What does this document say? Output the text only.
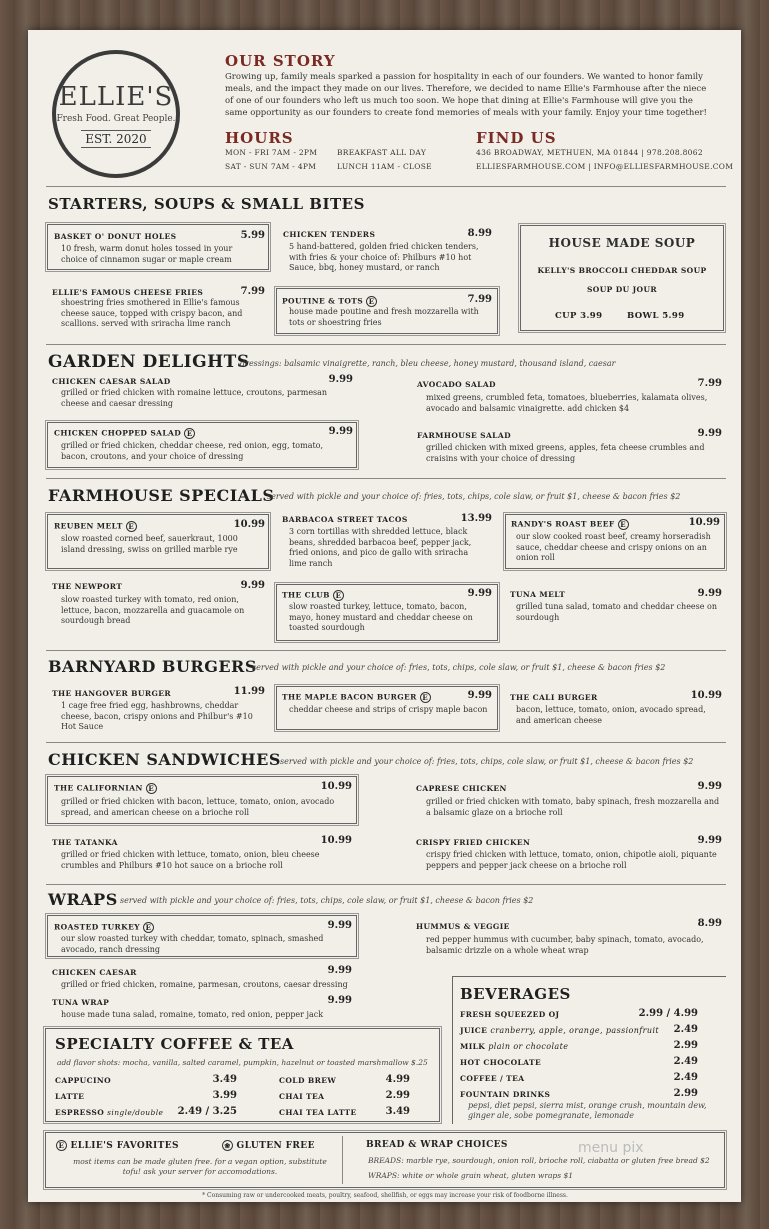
ELLIE'S
Fresh Food. Great People.
EST. 2020
OUR STORY

Growing up, family meals sparked a passion for hospitality in each of our founders. We wanted to honor family meals, and the impact they made on our lives. Therefore, we decided to name Ellie's Farmhouse after the niece of one of our founders who left us much too soon. We hope that dining at Ellie's Farmhouse will give you the same opportunity as our founders to create fond memories of meals with your family. Enjoy your time together!

HOURS
MON - FRI 7AM - 2PM
SAT - SUN 7AM - 4PM
BREAKFAST ALL DAY
LUNCH 11AM - CLOSE
FIND US
436 BROADWAY, METHUEN, MA 01844 | 978.208.8062
ELLIESFARMHOUSE.COM | INFO@ELLIESFARMHOUSE.COM
STARTERS, SOUPS & SMALL BITES
BASKET O' DONUT HOLES	5.99
10 fresh, warm donut holes tossed in your choice of cinnamon sugar or maple cream
ELLIE'S FAMOUS CHEESE FRIES	7.99
shoestring fries smothered in Ellie's famous cheese sauce, topped with crispy bacon, and scallions. served with sriracha lime ranch
CHICKEN TENDERS	8.99
5 hand-battered, golden fried chicken tenders, with fries & your choice of: Philburs #10 hot Sauce, bbq, honey mustard, or ranch
POUTINE & TOTS E	7.99
house made poutine and fresh mozzarella with tots or shoestring fries
HOUSE MADE SOUP
KELLY'S BROCCOLI CHEDDAR SOUP
SOUP DU JOUR
CUP 3.99	BOWL 5.99
GARDEN DELIGHTS
dressings: balsamic vinaigrette, ranch, bleu cheese, honey mustard, thousand island, caesar
CHICKEN CAESAR SALAD	9.99
grilled or fried chicken with romaine lettuce, croutons, parmesan cheese and caesar dressing
CHICKEN CHOPPED SALAD E	9.99
grilled or fried chicken, cheddar cheese, red onion, egg, tomato, bacon, croutons, and your choice of dressing
AVOCADO SALAD	7.99
mixed greens, crumbled feta, tomatoes, blueberries, kalamata olives, avocado and balsamic vinaigrette. add chicken $4
FARMHOUSE SALAD	9.99
grilled chicken with mixed greens, apples, feta cheese crumbles and craisins with your choice of dressing
FARMHOUSE SPECIALS
served with pickle and your choice of: fries, tots, chips, cole slaw, or fruit $1, cheese & bacon fries $2
REUBEN MELT E	10.99
slow roasted corned beef, sauerkraut, 1000 island dressing, swiss on grilled marble rye
BARBACOA STREET TACOS	13.99
3 corn tortillas with shredded lettuce, black beans, shredded barbacoa beef, pepper jack, fried onions, and pico de gallo with sriracha lime ranch
RANDY'S ROAST BEEF E	10.99
our slow cooked roast beef, creamy horseradish sauce, cheddar cheese and crispy onions on an onion roll
THE NEWPORT	9.99
slow roasted turkey with tomato, red onion, lettuce, bacon, mozzarella and guacamole on sourdough bread
THE CLUB E	9.99
slow roasted turkey, lettuce, tomato, bacon, mayo, honey mustard and cheddar cheese on toasted sourdough
TUNA MELT	9.99
grilled tuna salad, tomato and cheddar cheese on sourdough
BARNYARD BURGERS
served with pickle and your choice of: fries, tots, chips, cole slaw, or fruit $1, cheese & bacon fries $2
THE HANGOVER BURGER	11.99
1 cage free fried egg, hashbrowns, cheddar cheese, bacon, crispy onions and Philbur's #10 Hot Sauce
THE MAPLE BACON BURGER E	9.99
cheddar cheese and strips of crispy maple bacon
THE CALI BURGER	10.99
bacon, lettuce, tomato, onion, avocado spread, and american cheese
CHICKEN SANDWICHES served with pickle and your choice of: fries, tots, chips, cole slaw, or fruit $1, cheese & bacon fries $2
THE CALIFORNIAN E	10.99
grilled or fried chicken with bacon, lettuce, tomato, onion, avocado spread, and american cheese on a brioche roll
CAPRESE CHICKEN	9.99
grilled or fried chicken with tomato, baby spinach, fresh mozzarella and a balsamic glaze on a brioche roll
THE TATANKA	10.99
grilled or fried chicken with lettuce, tomato, onion, bleu cheese crumbles and Philburs #10 hot sauce on a brioche roll
CRISPY FRIED CHICKEN	9.99
crispy fried chicken with lettuce, tomato, onion, chipotle aioli, piquante peppers and pepper jack cheese on a brioche roll
WRAPS served with pickle and your choice of: fries, tots, chips, cole slaw, or fruit $1, cheese & bacon fries $2
ROASTED TURKEY E	9.99
our slow roasted turkey with cheddar, tomato, spinach, smashed avocado, ranch dressing
HUMMUS & VEGGIE	8.99
red pepper hummus with cucumber, baby spinach, tomato, avocado, balsamic drizzle on a whole wheat wrap
CHICKEN CAESAR	9.99
grilled or fried chicken, romaine, parmesan, croutons, caesar dressing
TUNA WRAP	9.99
house made tuna salad, romaine, tomato, red onion, pepper jack
SPECIALTY COFFEE & TEA
add flavor shots: mocha, vanilla, salted caramel, pumpkin, hazelnut or toasted marshmallow $.25
CAPPUCINO	3.49
LATTE	3.99
ESPRESSO single/double	2.49 / 3.25
COLD BREW	4.99
CHAI TEA	2.99
CHAI TEA LATTE	3.49
BEVERAGES
FRESH SQUEEZED OJ	2.99 / 4.99
JUICE cranberry, apple, orange, passionfruit	2.49
MILK plain or chocolate	2.99
HOT CHOCOLATE	2.49
COFFEE / TEA	2.49
FOUNTAIN DRINKS	2.99
pepsi, diet pepsi, sierra mist, orange crush, mountain dew, ginger ale, sobe pomegranate, lemonade
E ELLIE'S FAVORITES	❀ GLUTEN FREE
most items can be made gluten free. for a vegan option, substitute tofu! ask your server for accomodations.
BREAD & WRAP CHOICES
BREADS: marble rye, sourdough, onion roll, brioche roll, ciabatta or gluten free bread $2
WRAPS: white or whole grain wheat, gluten wraps $1
menu pix
* Consuming raw or undercooked meats, poultry, seafood, shellfish, or eggs may increase your risk of foodborne illness.
